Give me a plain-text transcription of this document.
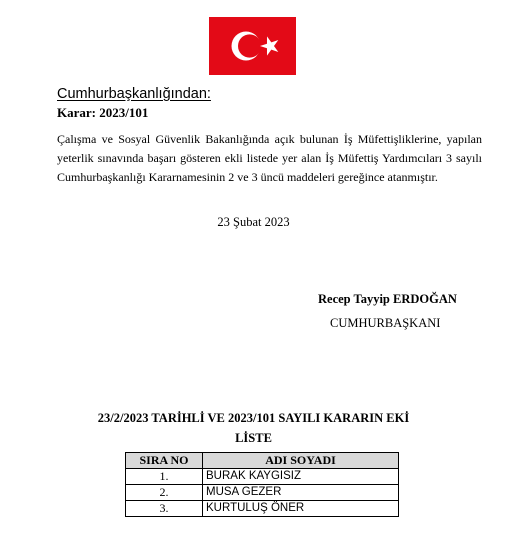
Cumhurbaşkanlığından:
Karar: 2023/101
Çalışma ve Sosyal Güvenlik Bakanlığında açık bulunan İş Müfettişliklerine, yapılan yeterlik sınavında başarı gösteren ekli listede yer alan İş Müfettiş Yardımcıları 3 sayılı Cumhurbaşkanlığı Kararnamesinin 2 ve 3 üncü maddeleri gereğince atanmıştır.
23 Şubat 2023
Recep Tayyip ERDOĞAN
CUMHURBAŞKANI
23/2/2023 TARİHLİ VE 2023/101 SAYILI KARARIN EKİ
LİSTE
SIRA NO	ADI SOYADI
1.	BURAK KAYGISIZ
2.	MUSA GEZER
3.	KURTULUŞ ÖNER
